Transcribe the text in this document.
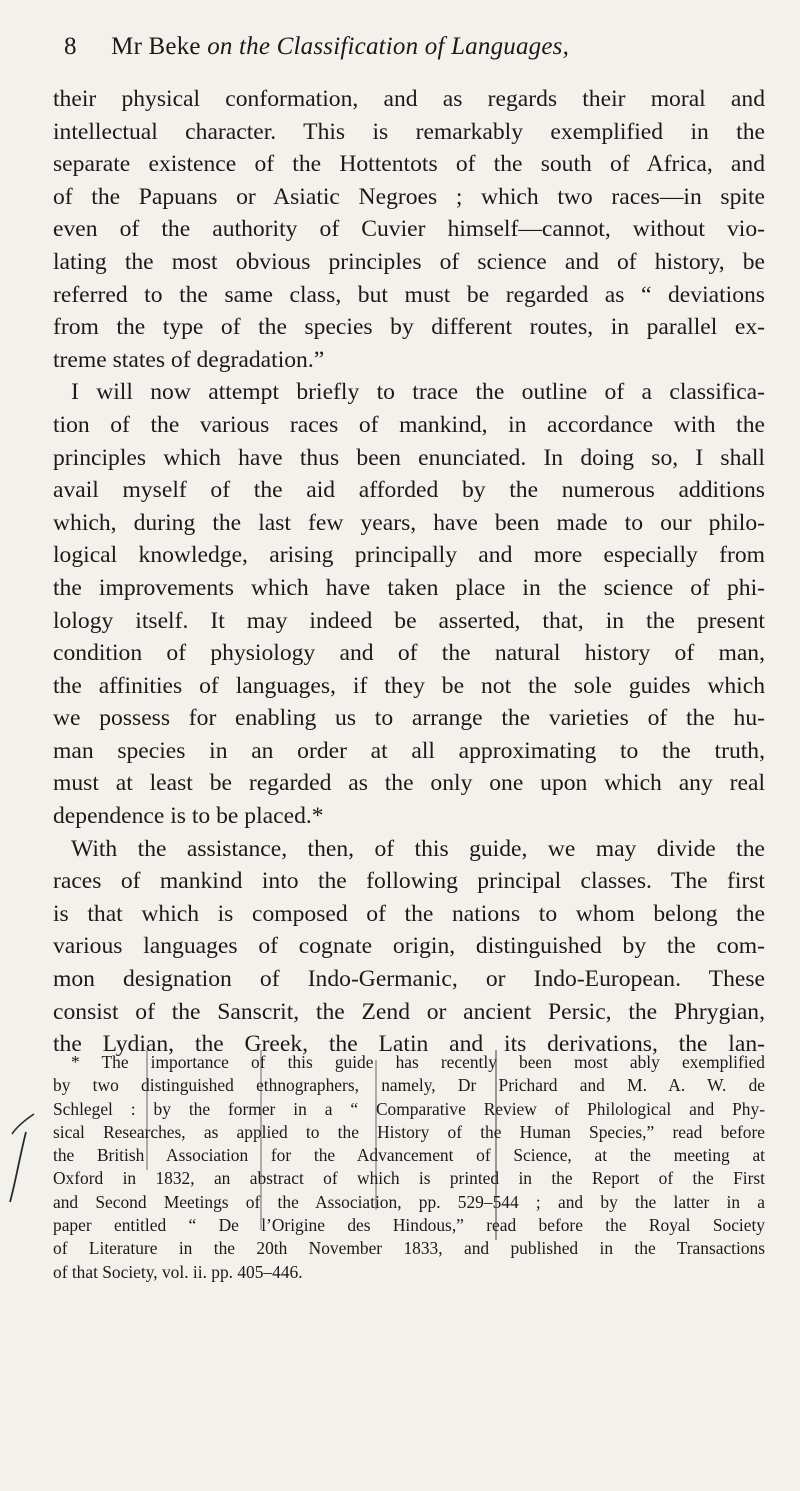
8 Mr Beke on the Classification of Languages,
their physical conformation, and as regards their moral and
intellectual character. This is remarkably exemplified in the
separate existence of the Hottentots of the south of Africa, and
of the Papuans or Asiatic Negroes ; which two races—in spite
even of the authority of Cuvier himself—cannot, without vio-
lating the most obvious principles of science and of history, be
referred to the same class, but must be regarded as “ deviations
from the type of the species by different routes, in parallel ex-
treme states of degradation.”
I will now attempt briefly to trace the outline of a classifica-
tion of the various races of mankind, in accordance with the
principles which have thus been enunciated. In doing so, I shall
avail myself of the aid afforded by the numerous additions
which, during the last few years, have been made to our philo-
logical knowledge, arising principally and more especially from
the improvements which have taken place in the science of phi-
lology itself. It may indeed be asserted, that, in the present
condition of physiology and of the natural history of man,
the affinities of languages, if they be not the sole guides which
we possess for enabling us to arrange the varieties of the hu-
man species in an order at all approximating to the truth,
must at least be regarded as the only one upon which any real
dependence is to be placed.*
With the assistance, then, of this guide, we may divide the
races of mankind into the following principal classes. The first
is that which is composed of the nations to whom belong the
various languages of cognate origin, distinguished by the com-
mon designation of Indo-Germanic, or Indo-European. These
consist of the Sanscrit, the Zend or ancient Persic, the Phrygian,
the Lydian, the Greek, the Latin and its derivations, the lan-
* The importance of this guide has recently been most ably exemplified
by two distinguished ethnographers, namely, Dr Prichard and M. A. W. de
Schlegel : by the former in a “ Comparative Review of Philological and Phy-
sical Researches, as applied to the History of the Human Species,” read before
the British Association for the Advancement of Science, at the meeting at
Oxford in 1832, an abstract of which is printed in the Report of the First
and Second Meetings of the Association, pp. 529–544 ; and by the latter in a
paper entitled “ De l’Origine des Hindous,” read before the Royal Society
of Literature in the 20th November 1833, and published in the Transactions
of that Society, vol. ii. pp. 405–446.
